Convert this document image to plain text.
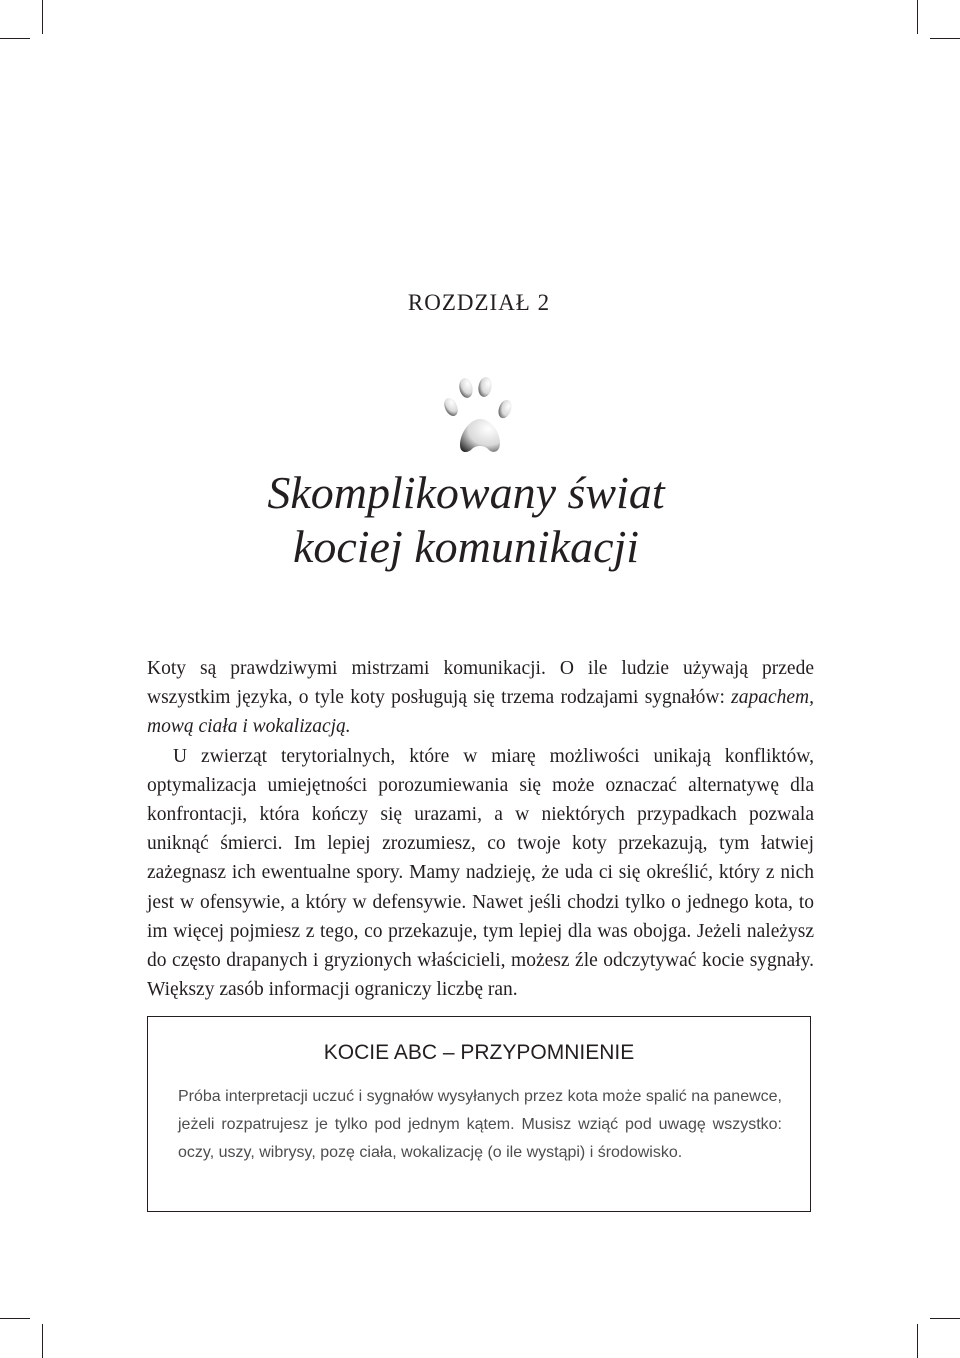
ROZDZIAŁ 2
Skomplikowany świat
kociej komunikacji

Koty są prawdziwymi mistrzami komunikacji. O ile ludzie używają przede wszystkim języka, o tyle koty posługują się trzema rodzajami sygnałów: zapachem, mową ciała i wokalizacją.

U zwierząt terytorialnych, które w miarę możliwości unikają konfliktów, optymalizacja umiejętności porozumiewania się może oznaczać alternatywę dla konfrontacji, która kończy się urazami, a w niektórych przypadkach pozwala uniknąć śmierci. Im lepiej zrozumiesz, co twoje koty przekazują, tym łatwiej zażegnasz ich ewentualne spory. Mamy nadzieję, że uda ci się określić, który z nich jest w ofensywie, a który w defensywie. Nawet jeśli chodzi tylko o jednego kota, to im więcej pojmiesz z tego, co przekazuje, tym lepiej dla was obojga. Jeżeli należysz do często drapanych i gryzionych właścicieli, możesz źle odczytywać kocie sygnały. Większy zasób informacji ograniczy liczbę ran.

KOCIE ABC – PRZYPOMNIENIE

Próba interpretacji uczuć i sygnałów wysyłanych przez kota może spalić na panewce, jeżeli rozpatrujesz je tylko pod jednym kątem. Musisz wziąć pod uwagę wszystko: oczy, uszy, wibrysy, pozę ciała, wokalizację (o ile wystąpi) i środowisko.
